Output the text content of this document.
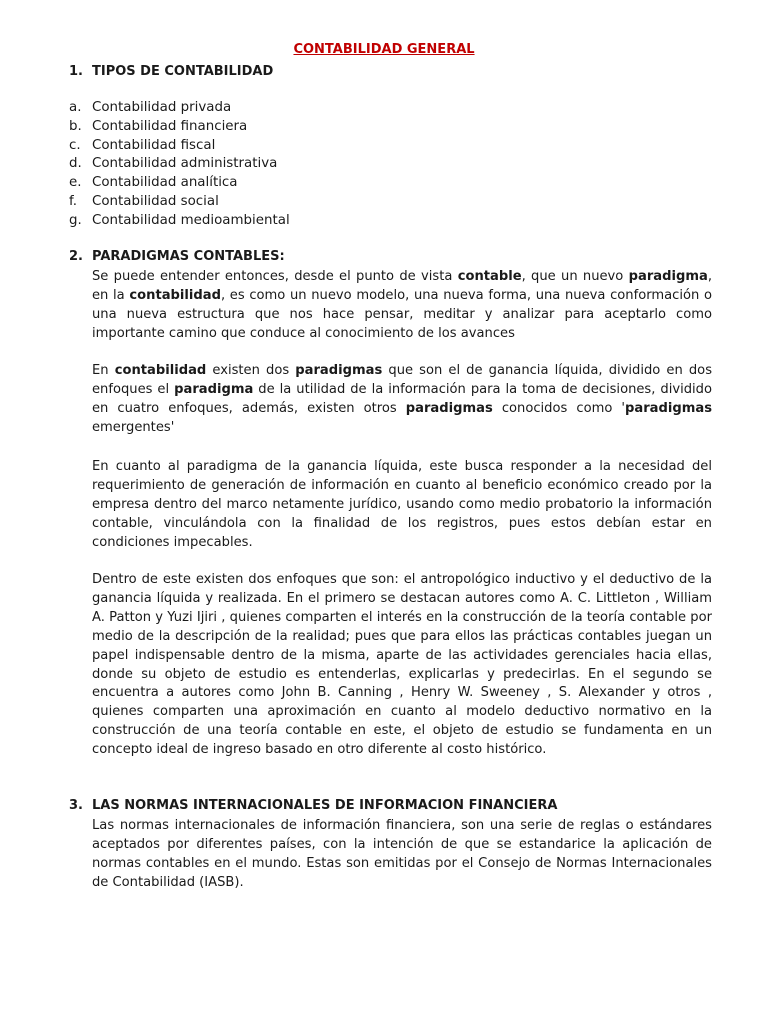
CONTABILIDAD GENERAL
1. TIPOS DE CONTABILIDAD
a. Contabilidad privada
b. Contabilidad financiera
c. Contabilidad fiscal
d. Contabilidad administrativa
e. Contabilidad analítica
f. Contabilidad social
g. Contabilidad medioambiental
2. PARADIGMAS CONTABLES:

Se puede entender entonces, desde el punto de vista contable, que un nuevo paradigma, en la contabilidad, es como un nuevo modelo, una nueva forma, una nueva conformación o una nueva estructura que nos hace pensar, meditar y analizar para aceptarlo como importante camino que conduce al conocimiento de los avances

En contabilidad existen dos paradigmas que son el de ganancia líquida, dividido en dos enfoques el paradigma de la utilidad de la información para la toma de decisiones, dividido en cuatro enfoques, además, existen otros paradigmas conocidos como 'paradigmas emergentes'

En cuanto al paradigma de la ganancia líquida, este busca responder a la necesidad del requerimiento de generación de información en cuanto al beneficio económico creado por la empresa dentro del marco netamente jurídico, usando como medio probatorio la información contable, vinculándola con la finalidad de los registros, pues estos debían estar en condiciones impecables.

Dentro de este existen dos enfoques que son: el antropológico inductivo y el deductivo de la ganancia líquida y realizada. En el primero se destacan autores como A. C. Littleton , William A. Patton y Yuzi Ijiri , quienes comparten el interés en la construcción de la teoría contable por medio de la descripción de la realidad; pues que para ellos las prácticas contables juegan un papel indispensable dentro de la misma, aparte de las actividades gerenciales hacia ellas, donde su objeto de estudio es entenderlas, explicarlas y predecirlas. En el segundo se encuentra a autores como John B. Canning , Henry W. Sweeney , S. Alexander y otros , quienes comparten una aproximación en cuanto al modelo deductivo normativo en la construcción de una teoría contable en este, el objeto de estudio se fundamenta en un concepto ideal de ingreso basado en otro diferente al costo histórico.

3. LAS NORMAS INTERNACIONALES DE INFORMACION FINANCIERA

Las normas internacionales de información financiera, son una serie de reglas o estándares aceptados por diferentes países, con la intención de que se estandarice la aplicación de normas contables en el mundo. Estas son emitidas por el Consejo de Normas Internacionales de Contabilidad (IASB).
